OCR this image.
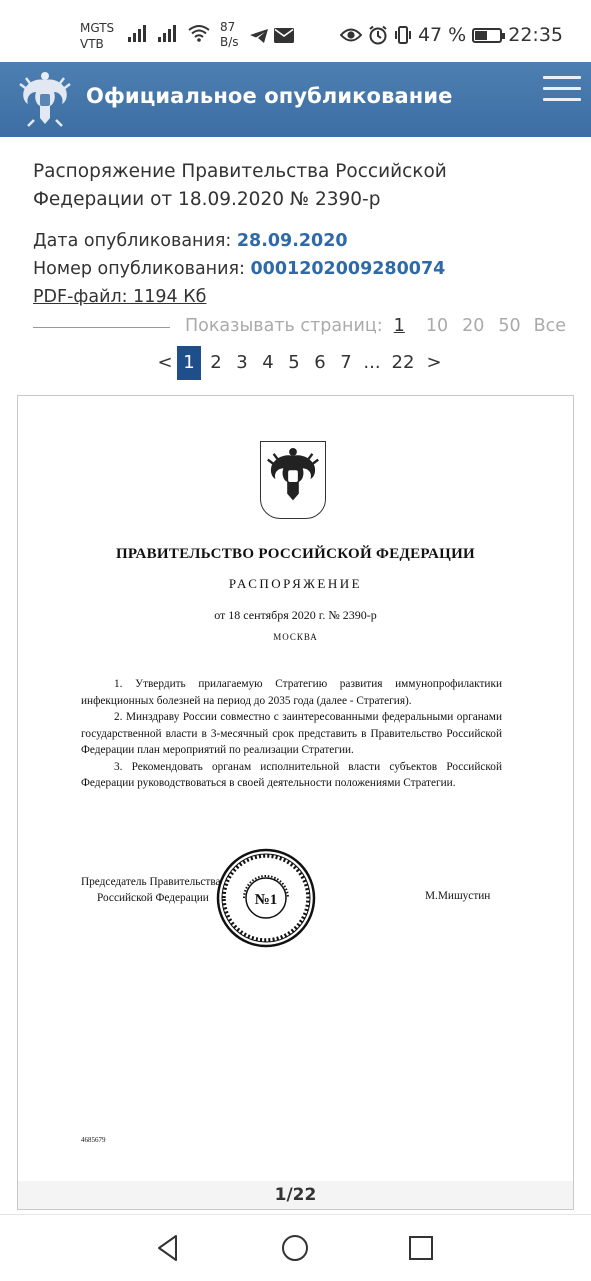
MGTS
VTB
87
B/s	47 % 22:35
Официальное опубликование
Распоряжение Правительства Российской Федерации от 18.09.2020 № 2390-р
Дата опубликования: 28.09.2020
Номер опубликования: 0001202009280074
PDF-файл: 1194 Кб
Показывать страниц: 1 10 20 50 Все
< 1 2 3 4 5 6 7 ... 22 >
ПРАВИТЕЛЬСТВО РОССИЙСКОЙ ФЕДЕРАЦИИ
РАСПОРЯЖЕНИЕ
от 18 сентября 2020 г. № 2390-р
МОСКВА

1. Утвердить прилагаемую Стратегию развития иммунопрофилактики инфекционных болезней на период до 2035 года (далее - Стратегия).

2. Минздраву России совместно с заинтересованными федеральными органами государственной власти в 3-месячный срок представить в Правительство Российской Федерации план мероприятий по реализации Стратегии.

3. Рекомендовать органам исполнительной власти субъектов Российской Федерации руководствоваться в своей деятельности положениями Стратегии.

Председатель Правительства
Российской Федерации	М.Мишустин
№1
4685679
1/22
